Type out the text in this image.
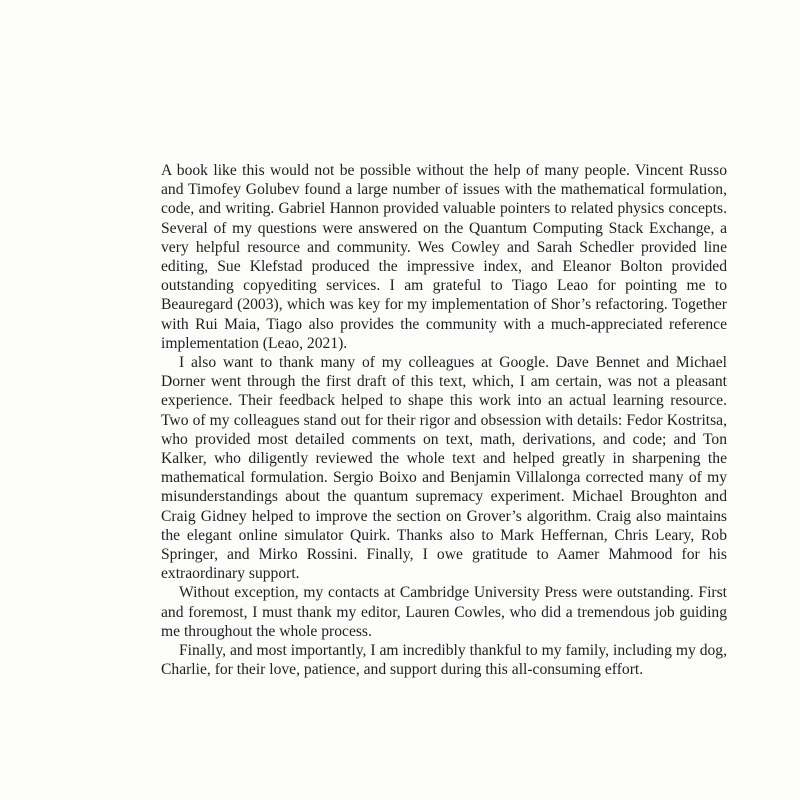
A book like this would not be possible without the help of many people. Vincent Russo and Timofey Golubev found a large number of issues with the mathematical formulation, code, and writing. Gabriel Hannon provided valuable pointers to related physics concepts. Several of my questions were answered on the Quantum Computing Stack Exchange, a very helpful resource and community. Wes Cowley and Sarah Schedler provided line editing, Sue Klefstad produced the impressive index, and Eleanor Bolton provided outstanding copyediting services. I am grateful to Tiago Leao for pointing me to Beauregard (2003), which was key for my implementation of Shor’s refactoring. Together with Rui Maia, Tiago also provides the community with a much-appreciated reference implementation (Leao, 2021).

I also want to thank many of my colleagues at Google. Dave Bennet and Michael Dorner went through the first draft of this text, which, I am certain, was not a pleasant experience. Their feedback helped to shape this work into an actual learning resource. Two of my colleagues stand out for their rigor and obsession with details: Fedor Kostritsa, who provided most detailed comments on text, math, derivations, and code; and Ton Kalker, who diligently reviewed the whole text and helped greatly in sharpening the mathematical formulation. Sergio Boixo and Benjamin Villalonga corrected many of my misunderstandings about the quantum supremacy experiment. Michael Broughton and Craig Gidney helped to improve the section on Grover’s algorithm. Craig also maintains the elegant online simulator Quirk. Thanks also to Mark Heffernan, Chris Leary, Rob Springer, and Mirko Rossini. Finally, I owe gratitude to Aamer Mahmood for his extraordinary support.

Without exception, my contacts at Cambridge University Press were outstanding. First and foremost, I must thank my editor, Lauren Cowles, who did a tremendous job guiding me throughout the whole process.

Finally, and most importantly, I am incredibly thankful to my family, including my dog, Charlie, for their love, patience, and support during this all-consuming effort.
